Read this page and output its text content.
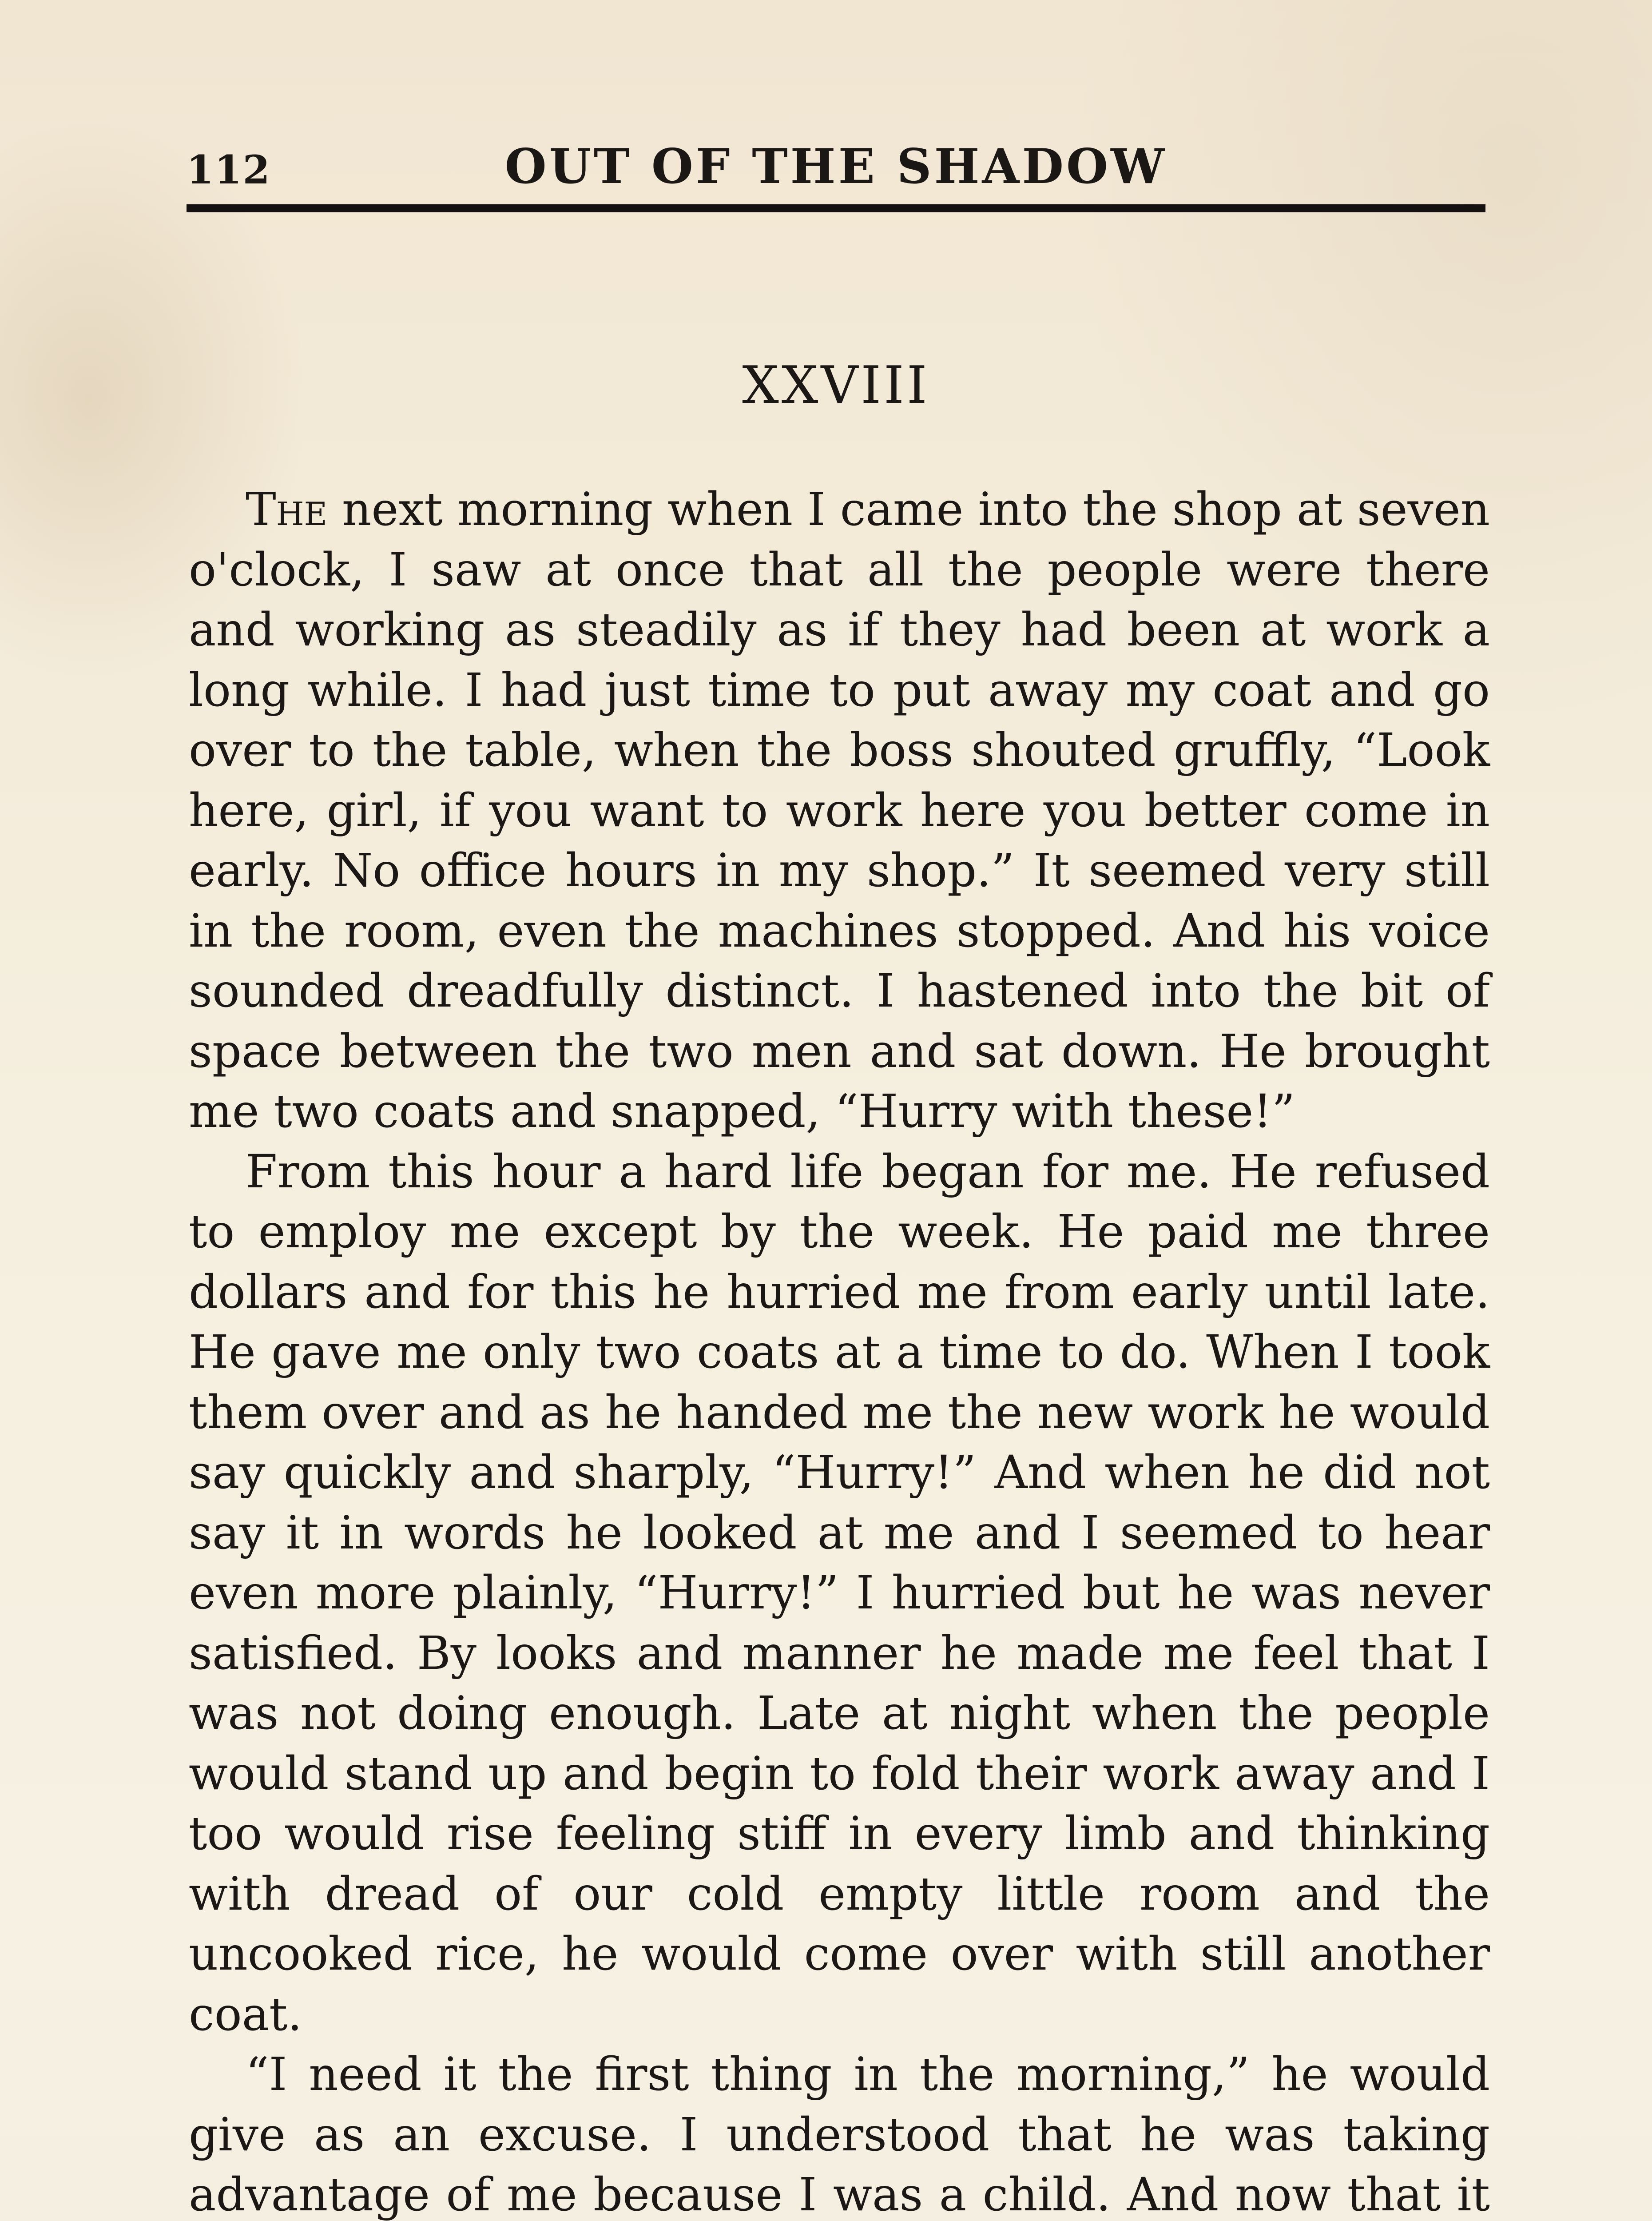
112	OUT OF THE SHADOW
XXVIII

The next morning when I came into the shop at seven o'clock, I saw at once that all the people were there and working as steadily as if they had been at work a long while. I had just time to put away my coat and go over to the table, when the boss shouted gruffly, “Look here, girl, if you want to work here you better come in early. No office hours in my shop.” It seemed very still in the room, even the machines stopped. And his voice sounded dreadfully distinct. I hastened into the bit of space between the two men and sat down. He brought me two coats and snapped, “Hurry with these!”

From this hour a hard life began for me. He refused to employ me except by the week. He paid me three dollars and for this he hurried me from early until late. He gave me only two coats at a time to do. When I took them over and as he handed me the new work he would say quickly and sharply, “Hurry!” And when he did not say it in words he looked at me and I seemed to hear even more plainly, “Hurry!” I hurried but he was never satisfied. By looks and manner he made me feel that I was not doing enough. Late at night when the people would stand up and begin to fold their work away and I too would rise feeling stiff in every limb and thinking with dread of our cold empty little room and the uncooked rice, he would come over with still another coat.

“I need it the first thing in the morning,” he would give as an excuse. I understood that he was taking advantage of me because I was a child. And now that it
